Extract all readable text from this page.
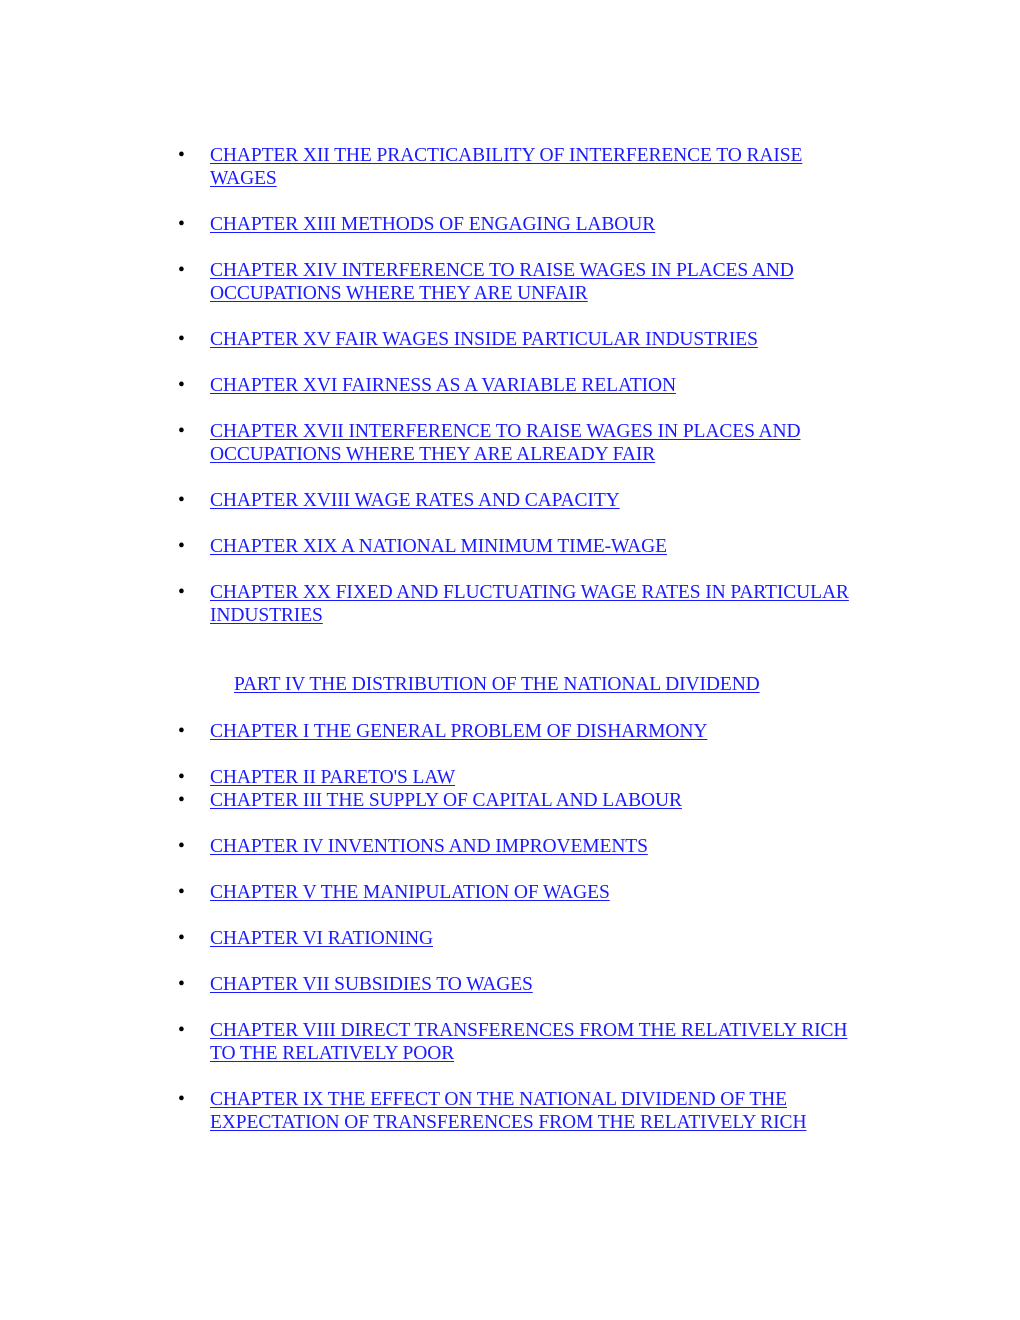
• CHAPTER XII THE PRACTICABILITY OF INTERFERENCE TO RAISE WAGES
• CHAPTER XIII METHODS OF ENGAGING LABOUR
• CHAPTER XIV INTERFERENCE TO RAISE WAGES IN PLACES AND OCCUPATIONS WHERE THEY ARE UNFAIR
• CHAPTER XV FAIR WAGES INSIDE PARTICULAR INDUSTRIES
• CHAPTER XVI FAIRNESS AS A VARIABLE RELATION
• CHAPTER XVII INTERFERENCE TO RAISE WAGES IN PLACES AND OCCUPATIONS WHERE THEY ARE ALREADY FAIR
• CHAPTER XVIII WAGE RATES AND CAPACITY
• CHAPTER XIX A NATIONAL MINIMUM TIME-WAGE
• CHAPTER XX FIXED AND FLUCTUATING WAGE RATES IN PARTICULAR INDUSTRIES
PART IV THE DISTRIBUTION OF THE NATIONAL DIVIDEND
• CHAPTER I THE GENERAL PROBLEM OF DISHARMONY
• CHAPTER II PARETO'S LAW
• CHAPTER III THE SUPPLY OF CAPITAL AND LABOUR
• CHAPTER IV INVENTIONS AND IMPROVEMENTS
• CHAPTER V THE MANIPULATION OF WAGES
• CHAPTER VI RATIONING
• CHAPTER VII SUBSIDIES TO WAGES
• CHAPTER VIII DIRECT TRANSFERENCES FROM THE RELATIVELY RICH TO THE RELATIVELY POOR
• CHAPTER IX THE EFFECT ON THE NATIONAL DIVIDEND OF THE EXPECTATION OF TRANSFERENCES FROM THE RELATIVELY RICH
